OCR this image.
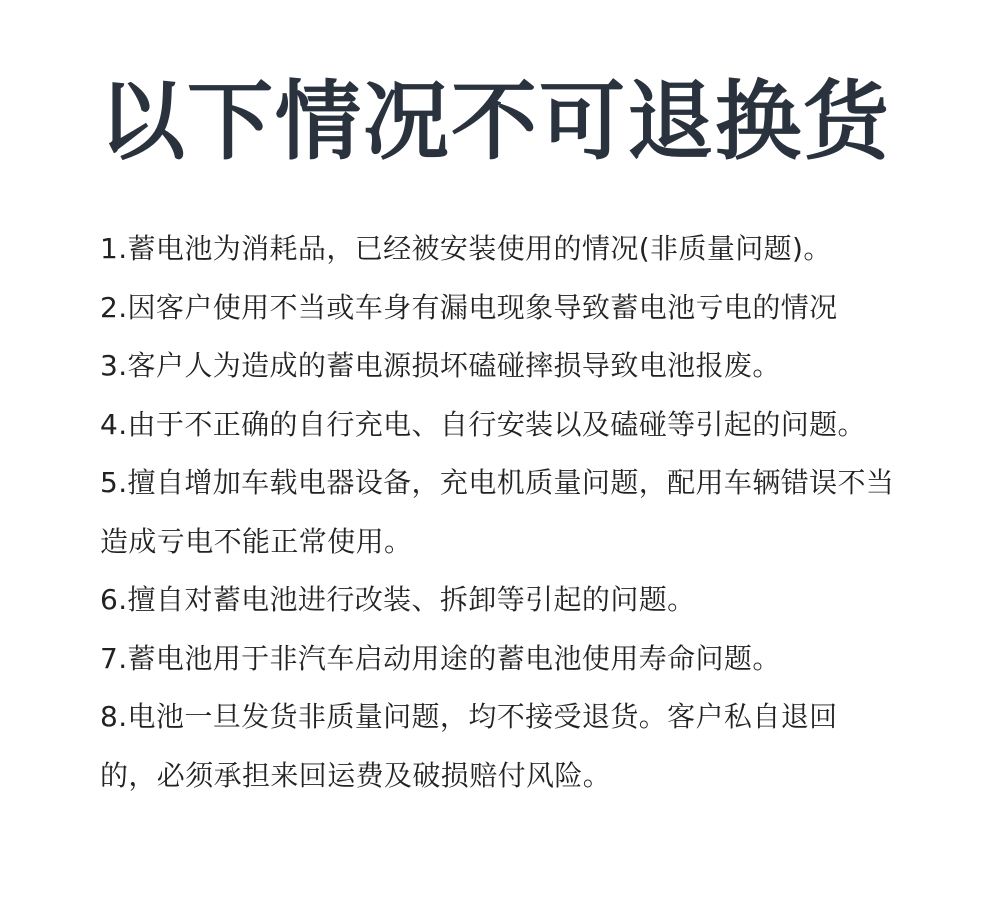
以下情况不可退换货
1.蓄电池为消耗品，已经被安装使用的情况(非质量问题)。
2.因客户使用不当或车身有漏电现象导致蓄电池亏电的情况
3.客户人为造成的蓄电源损坏磕碰摔损导致电池报废。
4.由于不正确的自行充电、自行安装以及磕碰等引起的问题。
5.擅自增加车载电器设备，充电机质量问题，配用车辆错误不当
造成亏电不能正常使用。
6.擅自对蓄电池进行改装、拆卸等引起的问题。
7.蓄电池用于非汽车启动用途的蓄电池使用寿命问题。
8.电池一旦发货非质量问题，均不接受退货。客户私自退回
的，必须承担来回运费及破损赔付风险。
